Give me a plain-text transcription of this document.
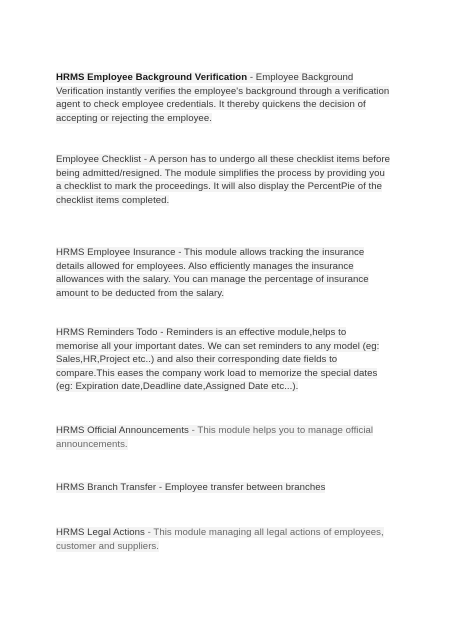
HRMS Employee Background Verification - Employee Background Verification instantly verifies the employee's background through a verification agent to check employee credentials. It thereby quickens the decision of accepting or rejecting the employee.

Employee Checklist - A person has to undergo all these checklist items before being admitted/resigned. The module simplifies the process by providing you a checklist to mark the proceedings. It will also display the PercentPie of the checklist items completed.

HRMS Employee Insurance - This module allows tracking the insurance details allowed for employees. Also efficiently manages the insurance allowances with the salary. You can manage the percentage of insurance amount to be deducted from the salary.

HRMS Reminders Todo - Reminders is an effective module,helps to memorise all your important dates. We can set reminders to any model (eg: Sales,HR,Project etc..) and also their corresponding date fields to compare.This eases the company work load to memorize the special dates (eg: Expiration date,Deadline date,Assigned Date etc...).

HRMS Official Announcements - This module helps you to manage official announcements.

HRMS Branch Transfer - Employee transfer between branches

HRMS Legal Actions - This module managing all legal actions of employees, customer and suppliers.
